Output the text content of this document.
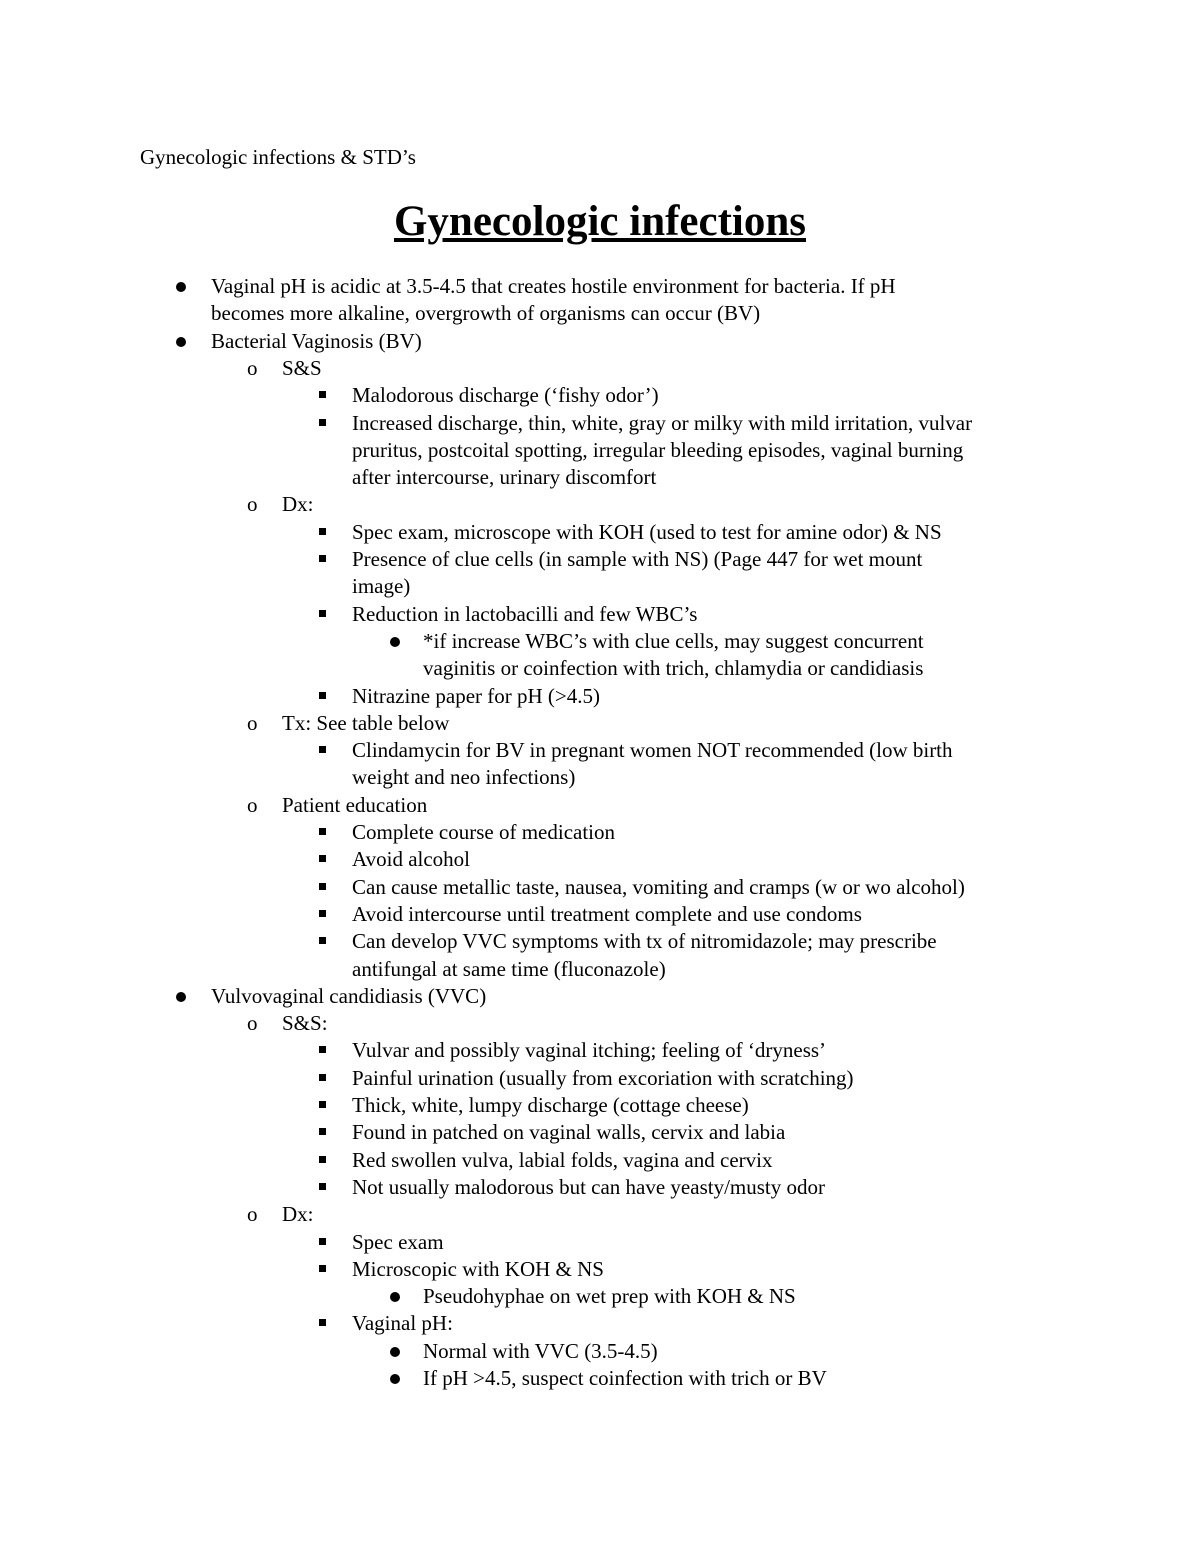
Gynecologic infections & STD’s
Gynecologic infections
Vaginal pH is acidic at 3.5-4.5 that creates hostile environment for bacteria. If pH
becomes more alkaline, overgrowth of organisms can occur (BV)
Bacterial Vaginosis (BV)
o S&S
Malodorous discharge (‘fishy odor’)
Increased discharge, thin, white, gray or milky with mild irritation, vulvar
pruritus, postcoital spotting, irregular bleeding episodes, vaginal burning
after intercourse, urinary discomfort
o Dx:
Spec exam, microscope with KOH (used to test for amine odor) & NS
Presence of clue cells (in sample with NS) (Page 447 for wet mount
image)
Reduction in lactobacilli and few WBC’s
*if increase WBC’s with clue cells, may suggest concurrent
vaginitis or coinfection with trich, chlamydia or candidiasis
Nitrazine paper for pH (>4.5)
o Tx: See table below
Clindamycin for BV in pregnant women NOT recommended (low birth
weight and neo infections)
o Patient education
Complete course of medication
Avoid alcohol
Can cause metallic taste, nausea, vomiting and cramps (w or wo alcohol)
Avoid intercourse until treatment complete and use condoms
Can develop VVC symptoms with tx of nitromidazole; may prescribe
antifungal at same time (fluconazole)
Vulvovaginal candidiasis (VVC)
o S&S:
Vulvar and possibly vaginal itching; feeling of ‘dryness’
Painful urination (usually from excoriation with scratching)
Thick, white, lumpy discharge (cottage cheese)
Found in patched on vaginal walls, cervix and labia
Red swollen vulva, labial folds, vagina and cervix
Not usually malodorous but can have yeasty/musty odor
o Dx:
Spec exam
Microscopic with KOH & NS
Pseudohyphae on wet prep with KOH & NS
Vaginal pH:
Normal with VVC (3.5-4.5)
If pH >4.5, suspect coinfection with trich or BV
